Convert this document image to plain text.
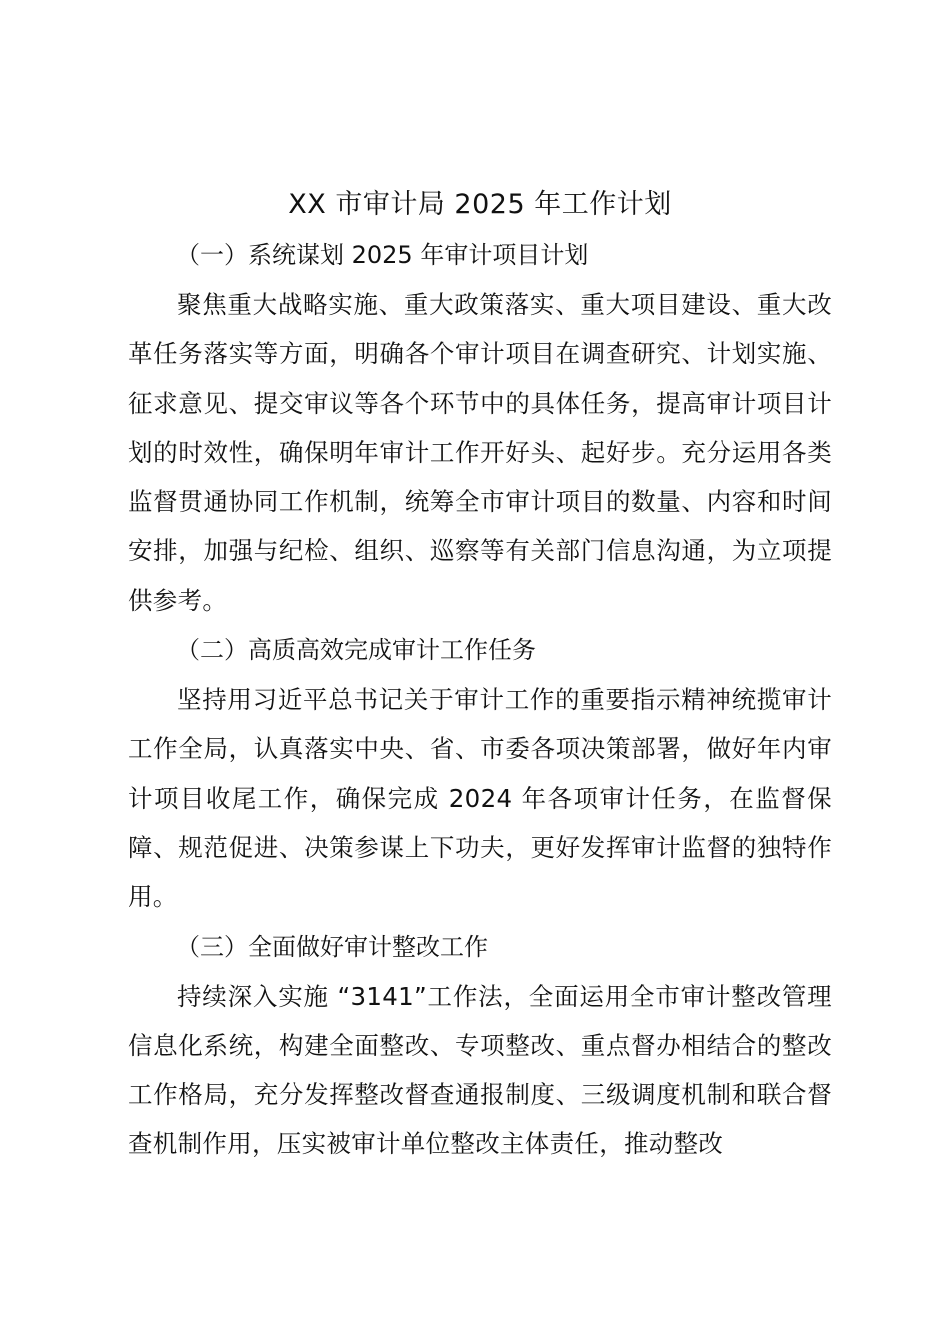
XX 市审计局 2025 年工作计划
（一）系统谋划 2025 年审计项目计划

聚焦重大战略实施、重大政策落实、重大项目建设、重大改革任务落实等方面，明确各个审计项目在调查研究、计划实施、征求意见、提交审议等各个环节中的具体任务，提高审计项目计划的时效性，确保明年审计工作开好头、起好步。充分运用各类监督贯通协同工作机制，统筹全市审计项目的数量、内容和时间安排，加强与纪检、组织、巡察等有关部门信息沟通，为立项提供参考。

（二）高质高效完成审计工作任务

坚持用习近平总书记关于审计工作的重要指示精神统揽审计工作全局，认真落实中央、省、市委各项决策部署，做好年内审计项目收尾工作，确保完成 2024 年各项审计任务，在监督保障、规范促进、决策参谋上下功夫，更好发挥审计监督的独特作用。

（三）全面做好审计整改工作

持续深入实施 “3141”工作法，全面运用全市审计整改管理信息化系统，构建全面整改、专项整改、重点督办相结合的整改工作格局，充分发挥整改督查通报制度、三级调度机制和联合督查机制作用，压实被审计单位整改主体责任，推动整改
